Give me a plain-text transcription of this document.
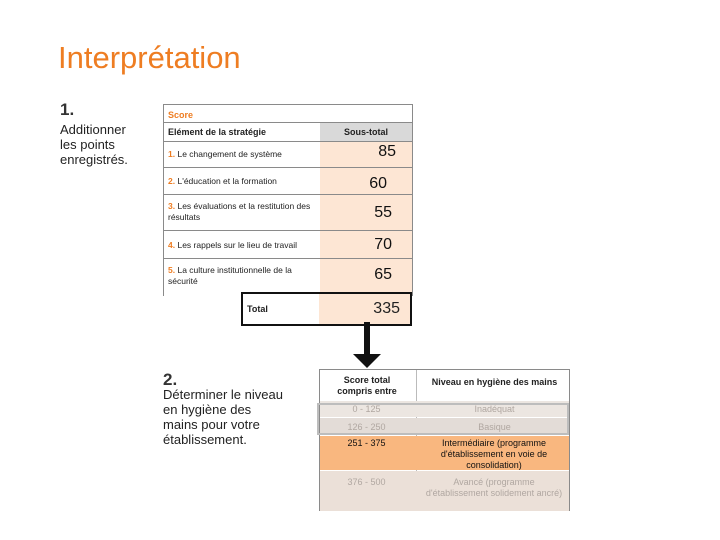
Interprétation
1.
Additionner
les points
enregistrés.
Score
Elément de la stratégie	Sous-total
1. Le changement de système	85
2. L'éducation et la formation	60
3. Les évaluations et la restitution des résultats	55
4. Les rappels sur le lieu de travail	70
5. La culture institutionnelle de la sécurité	65
Total	335
2.
Déterminer le niveau
en hygiène des
mains pour votre
établissement.
Score total compris entre
Niveau en hygiène des mains
0 - 125	Inadéquat
126 - 250	Basique
251 - 375	Intermédiaire (programme d'établissement en voie de consolidation)
376 - 500	Avancé (programme d'établissement solidement ancré)
